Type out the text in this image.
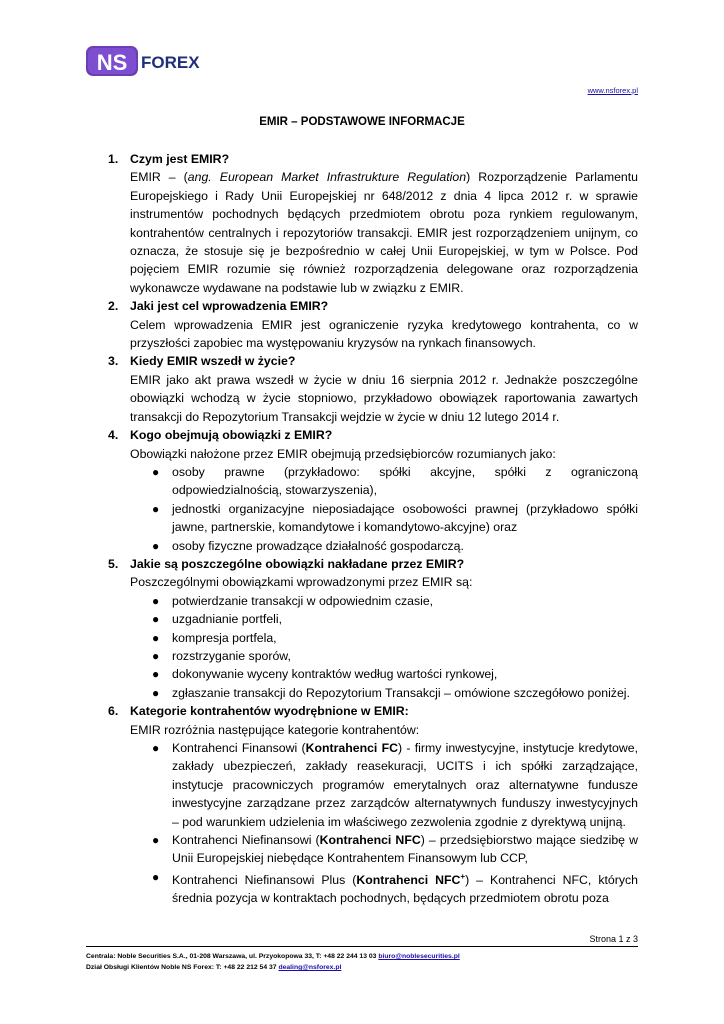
NS FOREX
www.nsforex.pl
EMIR – PODSTAWOWE INFORMACJE
1. Czym jest EMIR?
EMIR – (ang. European Market Infrastrukture Regulation) Rozporządzenie Parlamentu Europejskiego i Rady Unii Europejskiej nr 648/2012 z dnia 4 lipca 2012 r. w sprawie instrumentów pochodnych będących przedmiotem obrotu poza rynkiem regulowanym, kontrahentów centralnych i repozytoriów transakcji. EMIR jest rozporządzeniem unijnym, co oznacza, że stosuje się je bezpośrednio w całej Unii Europejskiej, w tym w Polsce. Pod pojęciem EMIR rozumie się również rozporządzenia delegowane oraz rozporządzenia wykonawcze wydawane na podstawie lub w związku z EMIR.
2. Jaki jest cel wprowadzenia EMIR?
Celem wprowadzenia EMIR jest ograniczenie ryzyka kredytowego kontrahenta, co w przyszłości zapobiec ma występowaniu kryzysów na rynkach finansowych.
3. Kiedy EMIR wszedł w życie?
EMIR jako akt prawa wszedł w życie w dniu 16 sierpnia 2012 r. Jednakże poszczególne obowiązki wchodzą w życie stopniowo, przykładowo obowiązek raportowania zawartych transakcji do Repozytorium Transakcji wejdzie w życie w dniu 12 lutego 2014 r.
4. Kogo obejmują obowiązki z EMIR?
Obowiązki nałożone przez EMIR obejmują przedsiębiorców rozumianych jako:
● osoby prawne (przykładowo: spółki akcyjne, spółki z ograniczoną odpowiedzialnością, stowarzyszenia),
● jednostki organizacyjne nieposiadające osobowości prawnej (przykładowo spółki jawne, partnerskie, komandytowe i komandytowo-akcyjne) oraz
● osoby fizyczne prowadzące działalność gospodarczą.
5. Jakie są poszczególne obowiązki nakładane przez EMIR?
Poszczególnymi obowiązkami wprowadzonymi przez EMIR są:
● potwierdzanie transakcji w odpowiednim czasie,
● uzgadnianie portfeli,
● kompresja portfela,
● rozstrzyganie sporów,
● dokonywanie wyceny kontraktów według wartości rynkowej,
● zgłaszanie transakcji do Repozytorium Transakcji – omówione szczegółowo poniżej.
6. Kategorie kontrahentów wyodrębnione w EMIR:
EMIR rozróżnia następujące kategorie kontrahentów:
● Kontrahenci Finansowi (Kontrahenci FC) - firmy inwestycyjne, instytucje kredytowe, zakłady ubezpieczeń, zakłady reasekuracji, UCITS i ich spółki zarządzające, instytucje pracowniczych programów emerytalnych oraz alternatywne fundusze inwestycyjne zarządzane przez zarządców alternatywnych funduszy inwestycyjnych – pod warunkiem udzielenia im właściwego zezwolenia zgodnie z dyrektywą unijną.
● Kontrahenci Niefinansowi (Kontrahenci NFC) – przedsiębiorstwo mające siedzibę w Unii Europejskiej niebędące Kontrahentem Finansowym lub CCP,
● Kontrahenci Niefinansowi Plus (Kontrahenci NFC+) – Kontrahenci NFC, których średnia pozycja w kontraktach pochodnych, będących przedmiotem obrotu poza
Strona 1 z 3
Centrala: Noble Securities S.A., 01-208 Warszawa, ul. Przyokopowa 33, T: +48 22 244 13 03 biuro@noblesecurities.pl
Dział Obsługi Klientów Noble NS Forex: T: +48 22 212 54 37 dealing@nsforex.pl
